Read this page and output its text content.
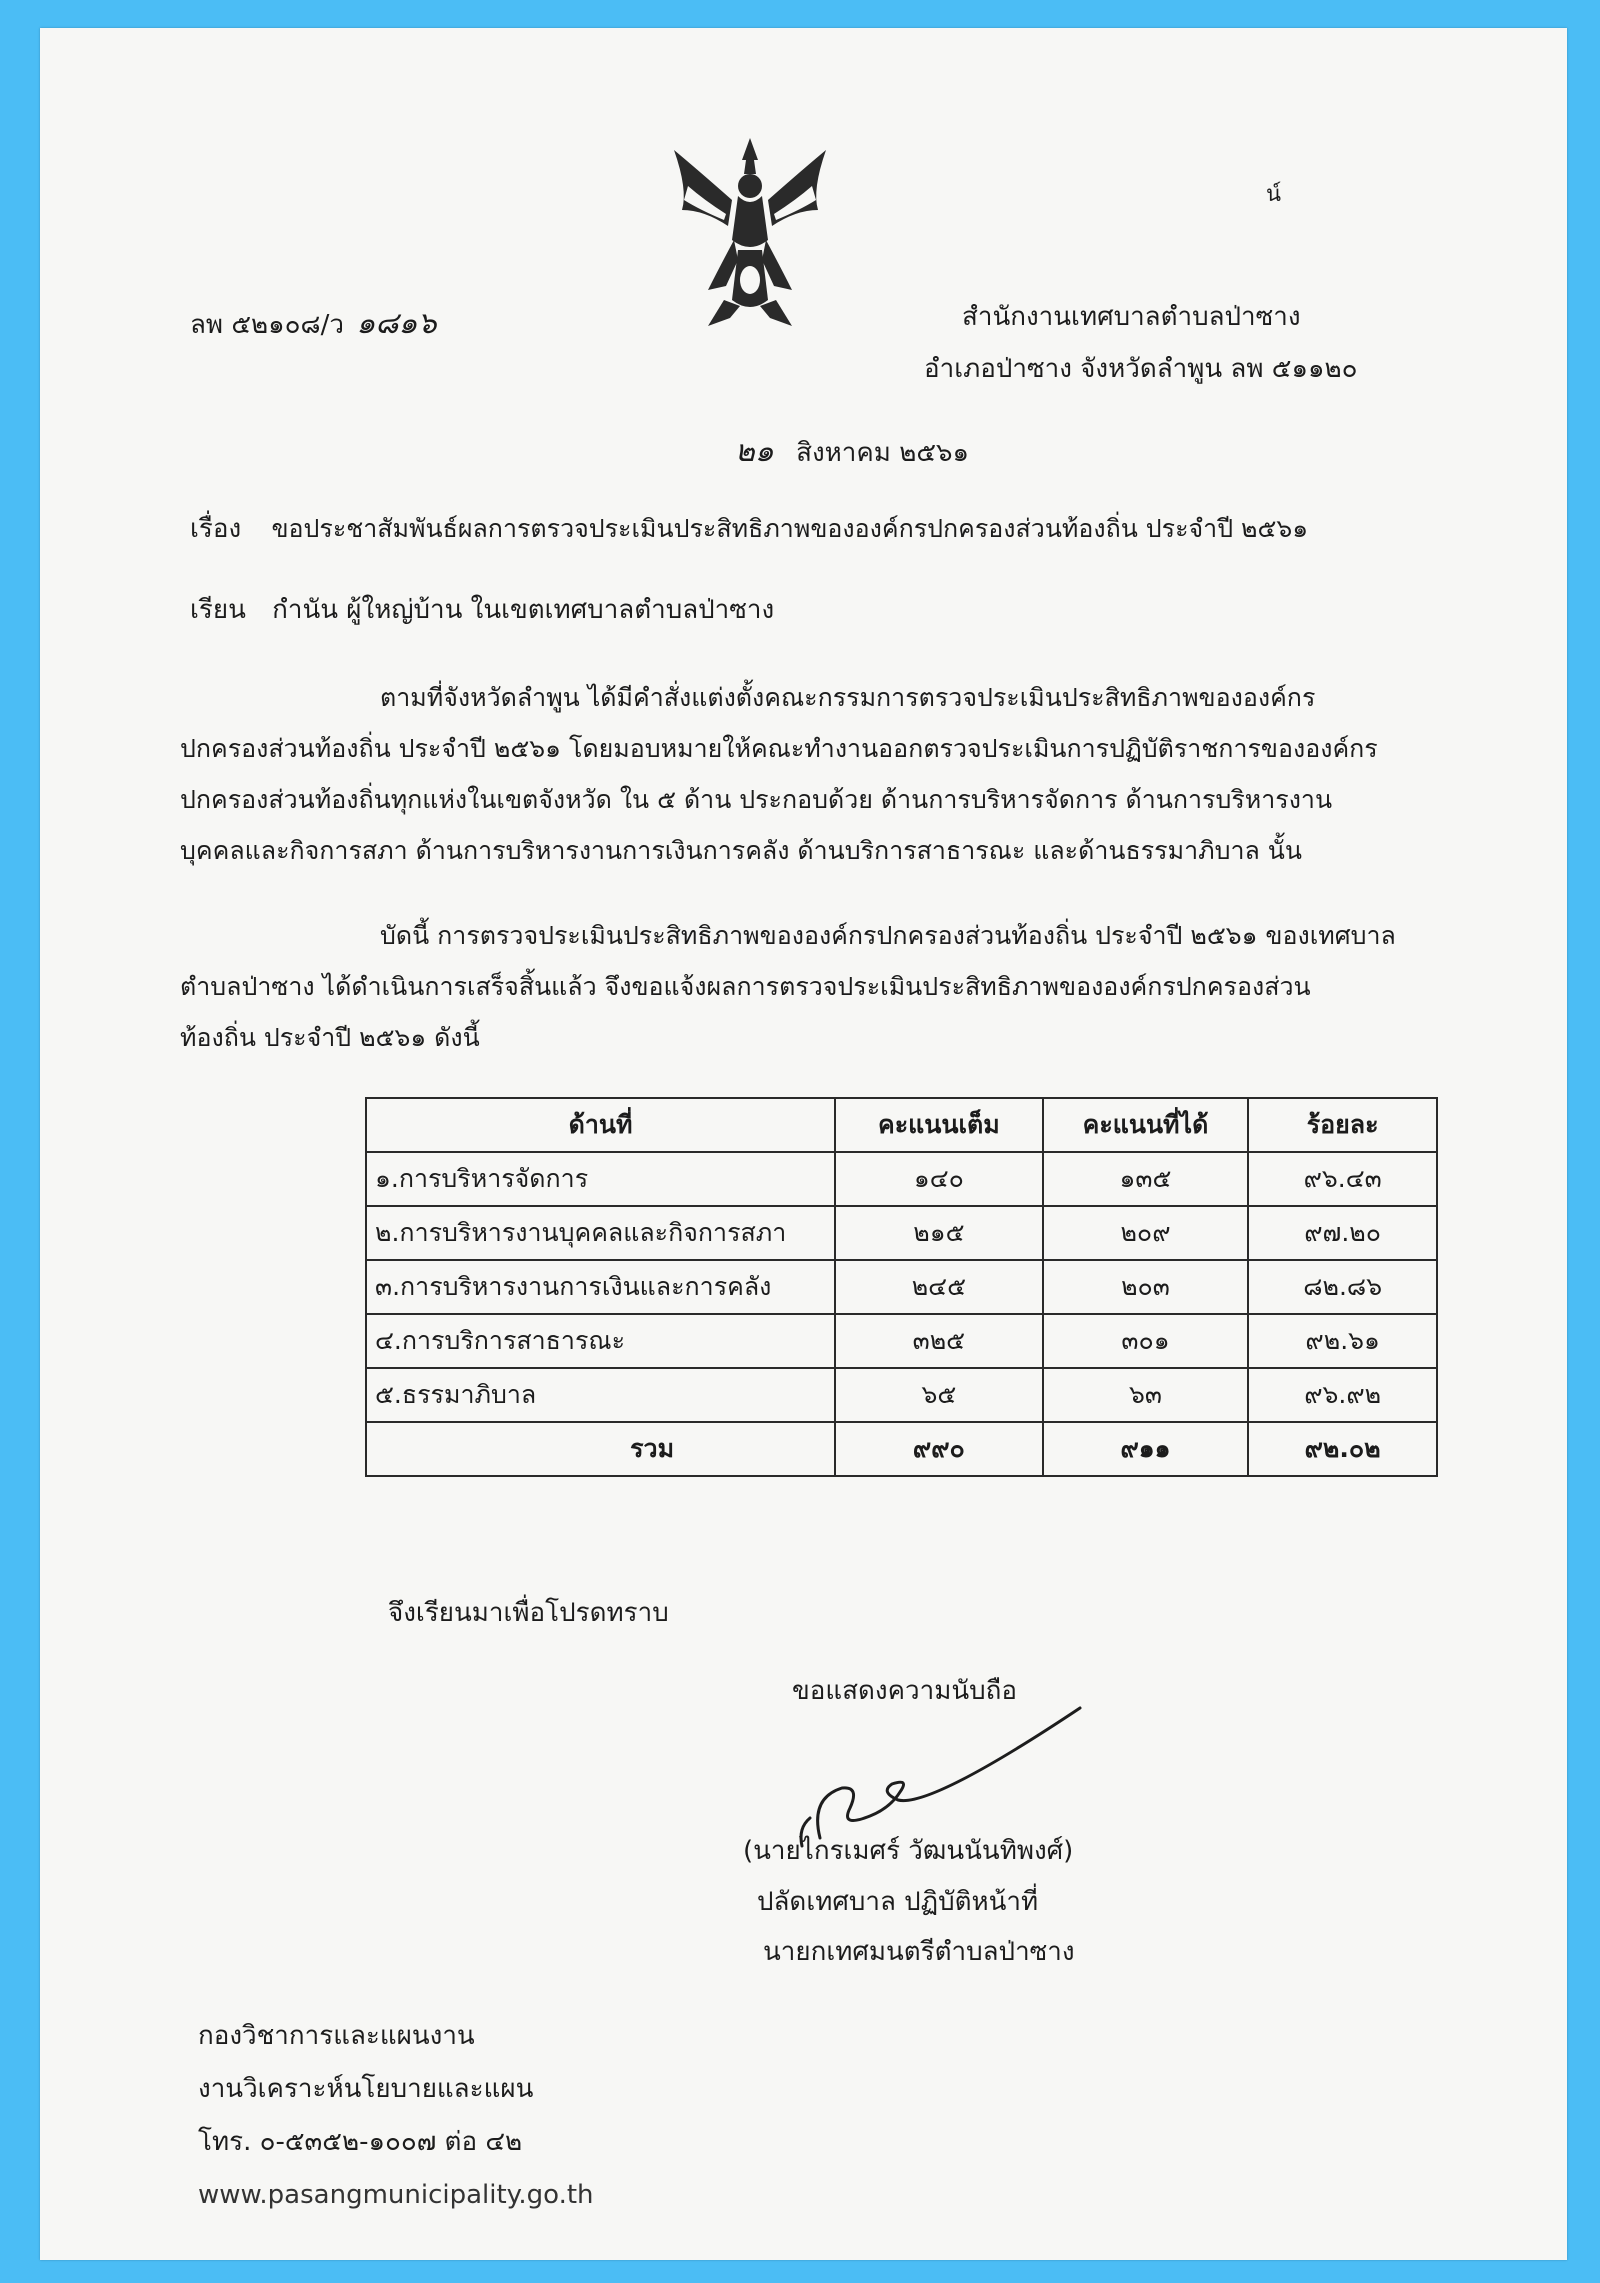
ลพ ๕๒๑๐๘/ว ๑๘๑๖	สำนักงานเทศบาลตำบลป่าซาง
อำเภอป่าซาง จังหวัดลำพูน ลพ ๕๑๑๒๐
น์
๒๑ สิงหาคม ๒๕๖๑
เรื่อง ขอประชาสัมพันธ์ผลการตรวจประเมินประสิทธิภาพขององค์กรปกครองส่วนท้องถิ่น ประจำปี ๒๕๖๑
เรียน กำนัน ผู้ใหญ่บ้าน ในเขตเทศบาลตำบลป่าซาง
ตามที่จังหวัดลำพูน ได้มีคำสั่งแต่งตั้งคณะกรรมการตรวจประเมินประสิทธิภาพขององค์กร
ปกครองส่วนท้องถิ่น ประจำปี ๒๕๖๑ โดยมอบหมายให้คณะทำงานออกตรวจประเมินการปฏิบัติราชการขององค์กร
ปกครองส่วนท้องถิ่นทุกแห่งในเขตจังหวัด ใน ๕ ด้าน ประกอบด้วย ด้านการบริหารจัดการ ด้านการบริหารงาน
บุคคลและกิจการสภา ด้านการบริหารงานการเงินการคลัง ด้านบริการสาธารณะ และด้านธรรมาภิบาล นั้น
บัดนี้ การตรวจประเมินประสิทธิภาพขององค์กรปกครองส่วนท้องถิ่น ประจำปี ๒๕๖๑ ของเทศบาล
ตำบลป่าซาง ได้ดำเนินการเสร็จสิ้นแล้ว จึงขอแจ้งผลการตรวจประเมินประสิทธิภาพขององค์กรปกครองส่วน
ท้องถิ่น ประจำปี ๒๕๖๑ ดังนี้
ด้านที่	คะแนนเต็ม	คะแนนที่ได้	ร้อยละ
๑.การบริหารจัดการ	๑๔๐	๑๓๕	๙๖.๔๓
๒.การบริหารงานบุคคลและกิจการสภา	๒๑๕	๒๐๙	๙๗.๒๐
๓.การบริหารงานการเงินและการคลัง	๒๔๕	๒๐๓	๘๒.๘๖
๔.การบริการสาธารณะ	๓๒๕	๓๐๑	๙๒.๖๑
๕.ธรรมาภิบาล	๖๕	๖๓	๙๖.๙๒
รวม	๙๙๐	๙๑๑	๙๒.๐๒
จึงเรียนมาเพื่อโปรดทราบ
ขอแสดงความนับถือ
(นายไกรเมศร์ วัฒนนันทิพงศ์)
ปลัดเทศบาล ปฏิบัติหน้าที่
นายกเทศมนตรีตำบลป่าซาง
กองวิชาการและแผนงาน
งานวิเคราะห์นโยบายและแผน
โทร. ๐-๕๓๕๒-๑๐๐๗ ต่อ ๔๒
www.pasangmunicipality.go.th
